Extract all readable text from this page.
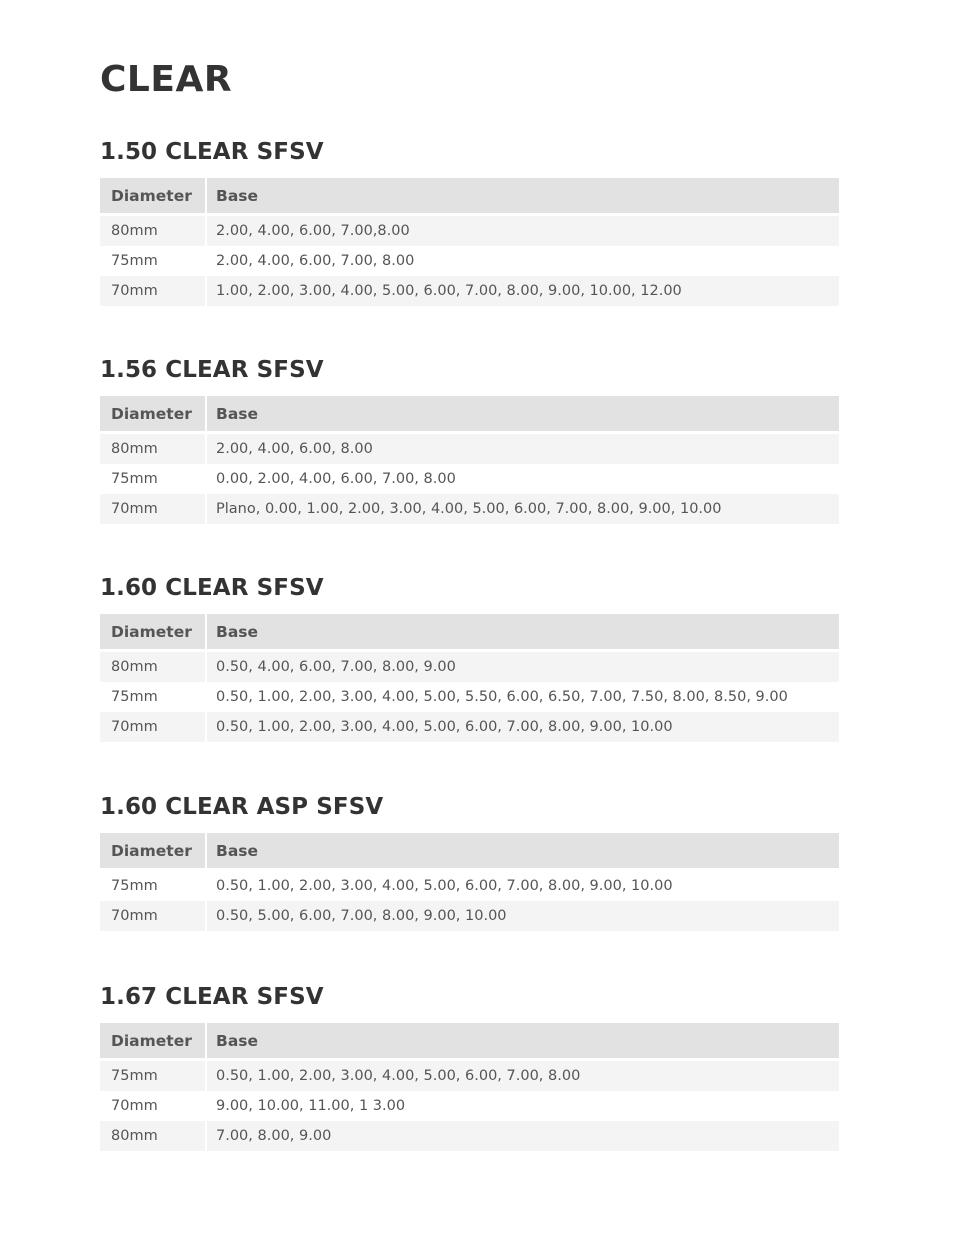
CLEAR
1.50 CLEAR SFSV
Diameter	Base
80mm	2.00, 4.00, 6.00, 7.00,8.00
75mm	2.00, 4.00, 6.00, 7.00, 8.00
70mm	1.00, 2.00, 3.00, 4.00, 5.00, 6.00, 7.00, 8.00, 9.00, 10.00, 12.00
1.56 CLEAR SFSV
Diameter	Base
80mm	2.00, 4.00, 6.00, 8.00
75mm	0.00, 2.00, 4.00, 6.00, 7.00, 8.00
70mm	Plano, 0.00, 1.00, 2.00, 3.00, 4.00, 5.00, 6.00, 7.00, 8.00, 9.00, 10.00
1.60 CLEAR SFSV
Diameter	Base
80mm	0.50, 4.00, 6.00, 7.00, 8.00, 9.00
75mm	0.50, 1.00, 2.00, 3.00, 4.00, 5.00, 5.50, 6.00, 6.50, 7.00, 7.50, 8.00, 8.50, 9.00
70mm	0.50, 1.00, 2.00, 3.00, 4.00, 5.00, 6.00, 7.00, 8.00, 9.00, 10.00
1.60 CLEAR ASP SFSV
Diameter	Base
75mm	0.50, 1.00, 2.00, 3.00, 4.00, 5.00, 6.00, 7.00, 8.00, 9.00, 10.00
70mm	0.50, 5.00, 6.00, 7.00, 8.00, 9.00, 10.00
1.67 CLEAR SFSV
Diameter	Base
75mm	0.50, 1.00, 2.00, 3.00, 4.00, 5.00, 6.00, 7.00, 8.00
70mm	9.00, 10.00, 11.00, 1 3.00
80mm	7.00, 8.00, 9.00
